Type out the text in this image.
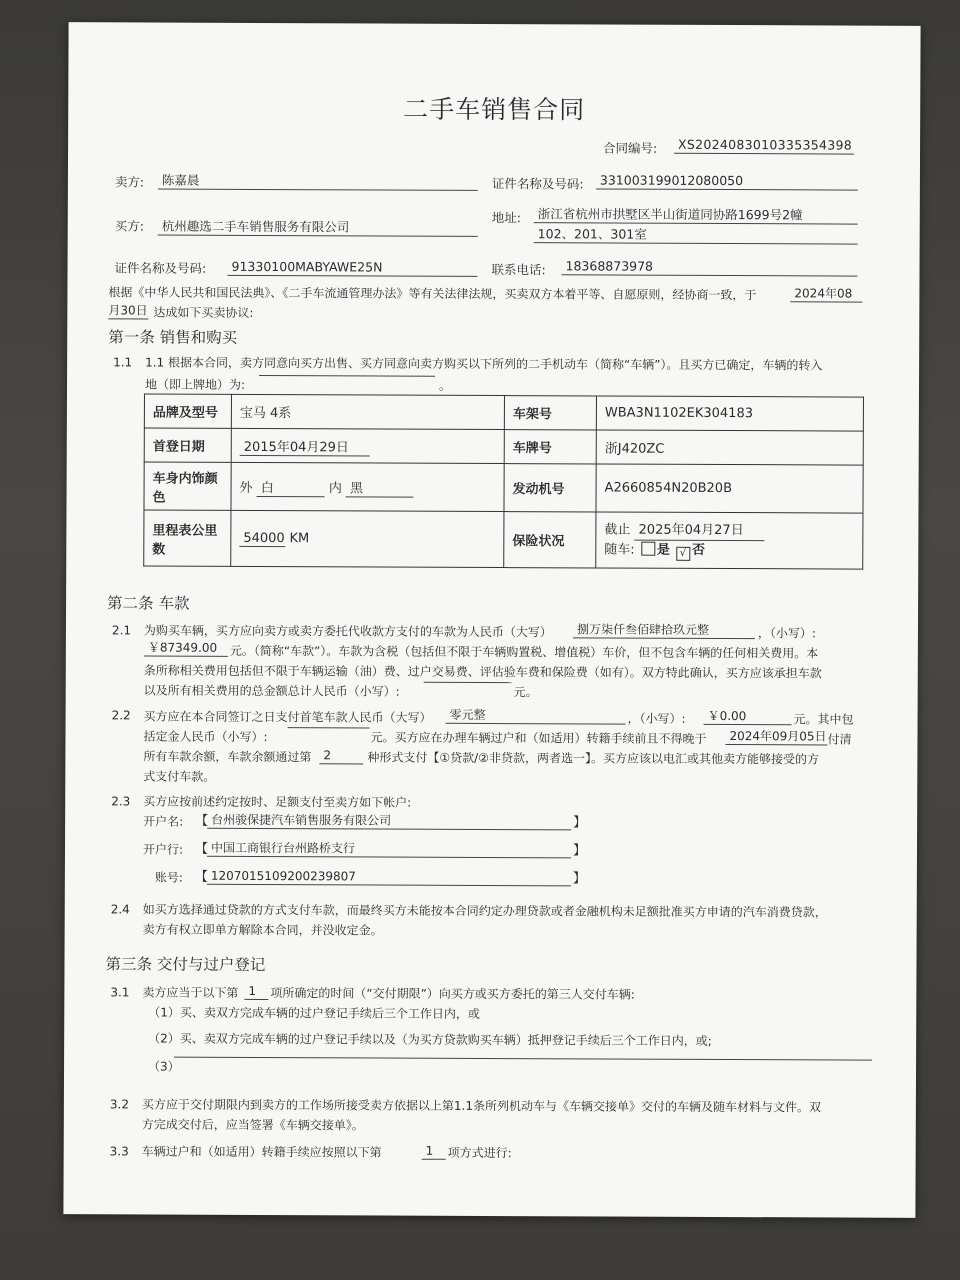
二手车销售合同
合同编号:	XS20240830103353543​98
卖方:	陈嘉晨	证件名称及号码:	331003199012080050
买方:	杭州趣选二手车销售服务有限公司
地址:	浙江省杭州市拱墅区半山街道同协路1699号2幢
102、201、301室
证件名称及号码:	91330100MABYAWE25N	联系电话:	18368873978
根据《中华人民共和国民法典》、《二手车流通管理办法》等有关法律法规，买卖双方本着平等、自愿原则，经协商一致，于	2024年08
月30日 达成如下买卖协议:
第一条 销售和购买
1.1 1.1 根据本合同，卖方同意向买方出售、买方同意向卖方购买以下所列的二手机动车（简称“车辆”）。且买方已确定，车辆的转入
地（即上牌地）为:	。
品牌及型号	宝马 4系	车架号	WBA3N1102EK304183
首登日期	2015年04月29日	车牌号	浙J420ZC
车身内饰颜色	外 白 内 黑	发动机号	A2660854N20B20B
里程表公里数	54000 KM	保险状况	截止 2025年04月27日
随车: 是 √ 否
第二条 车款
2.1 为购买车辆，买方应向卖方或卖方委托代收款方支付的车款为人民币（大写）	捌万柒仟叁佰肆拾玖元整	，（小写）:
￥87349.00	元。（简称“车款”）。车款为含税（包括但不限于车辆购置税、增值税）车价，但不包含车辆的任何相关费用。本
条所称相关费用包括但不限于车辆运输（油）费、过户交易费、评估验车费和保险费（如有）。双方特此确认，买方应该承担车款
以及所有相关费用的总金额总计人民币（小写）:	元。
2.2 买方应在本合同签订之日支付首笔车款人民币（大写）	零元整	，（小写）:	￥0.00	元。其中包
括定金人民币（小写）:	元。买方应在办理车辆过户和（如适用）转籍手续前且不得晚于	2024年09月05日 付清
所有车款余额，车款余额通过第 2	种形式支付【①贷款/②非贷款，两者选一】。买方应该以电汇或其他卖方能够接受的方
式支付车款。
2.3 买方应按前述约定按时、足额支付至卖方如下帐户:
开户名: 【 台州骏保捷汽车销售服务有限公司	】
开户行: 【 中国工商银行台州路桥支行	】
账号: 【 1207015109200239807	】
2.4 如买方选择通过贷款的方式支付车款，而最终买方未能按本合同约定办理贷款或者金融机构未足额批准买方申请的汽车消费贷款，
卖方有权立即单方解除本合同，并没收定金。
第三条 交付与过户登记
3.1 卖方应当于以下第 1	项所确定的时间（“交付期限”）向买方或买方委托的第三人交付车辆:
（1）买、卖双方完成车辆的过户登记手续后三个工作日内，或
（2）买、卖双方完成车辆的过户登记手续以及（为买方贷款购买车辆）抵押登记手续后三个工作日内，或;
（3）
3.2 买方应于交付期限内到卖方的工作场所接受卖方依据以上第1.1条所列机动车与《车辆交接单》交付的车辆及随车材料与文件。双
方完成交付后，应当签署《车辆交接单》。
3.3 车辆过户和（如适用）转籍手续应按照以下第	1	项方式进行:
